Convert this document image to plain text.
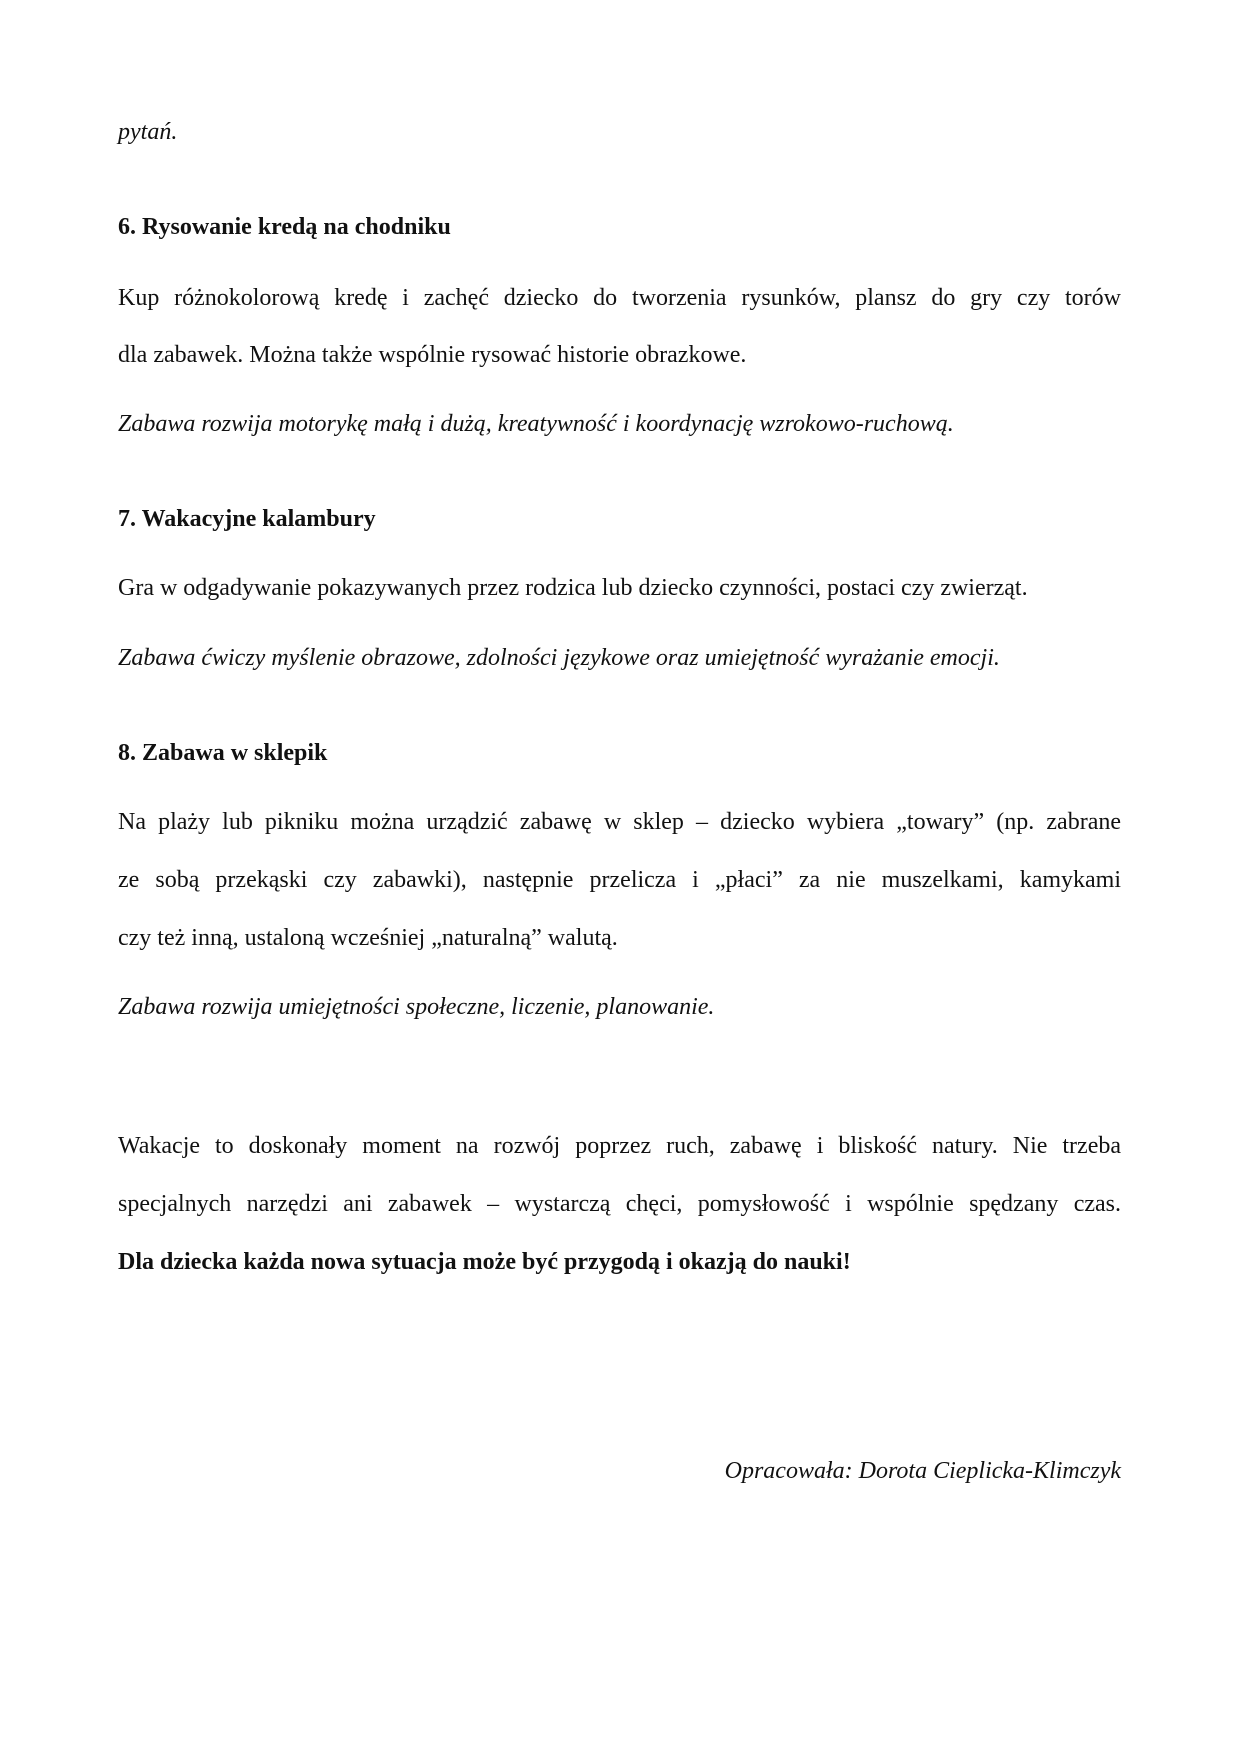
pytań.
6. Rysowanie kredą na chodniku
Kup różnokolorową kredę i zachęć dziecko do tworzenia rysunków, plansz do gry czy torów
dla zabawek. Można także wspólnie rysować historie obrazkowe.
Zabawa rozwija motorykę małą i dużą, kreatywność i koordynację wzrokowo-ruchową.
7. Wakacyjne kalambury
Gra w odgadywanie pokazywanych przez rodzica lub dziecko czynności, postaci czy zwierząt.
Zabawa ćwiczy myślenie obrazowe, zdolności językowe oraz umiejętność wyrażanie emocji.
8. Zabawa w sklepik
Na plaży lub pikniku można urządzić zabawę w sklep – dziecko wybiera „towary” (np. zabrane
ze sobą przekąski czy zabawki), następnie przelicza i „płaci” za nie muszelkami, kamykami
czy też inną, ustaloną wcześniej „naturalną” walutą.
Zabawa rozwija umiejętności społeczne, liczenie, planowanie.
Wakacje to doskonały moment na rozwój poprzez ruch, zabawę i bliskość natury. Nie trzeba
specjalnych narzędzi ani zabawek – wystarczą chęci, pomysłowość i wspólnie spędzany czas.
Dla dziecka każda nowa sytuacja może być przygodą i okazją do nauki!
Opracowała: Dorota Cieplicka-Klimczyk
